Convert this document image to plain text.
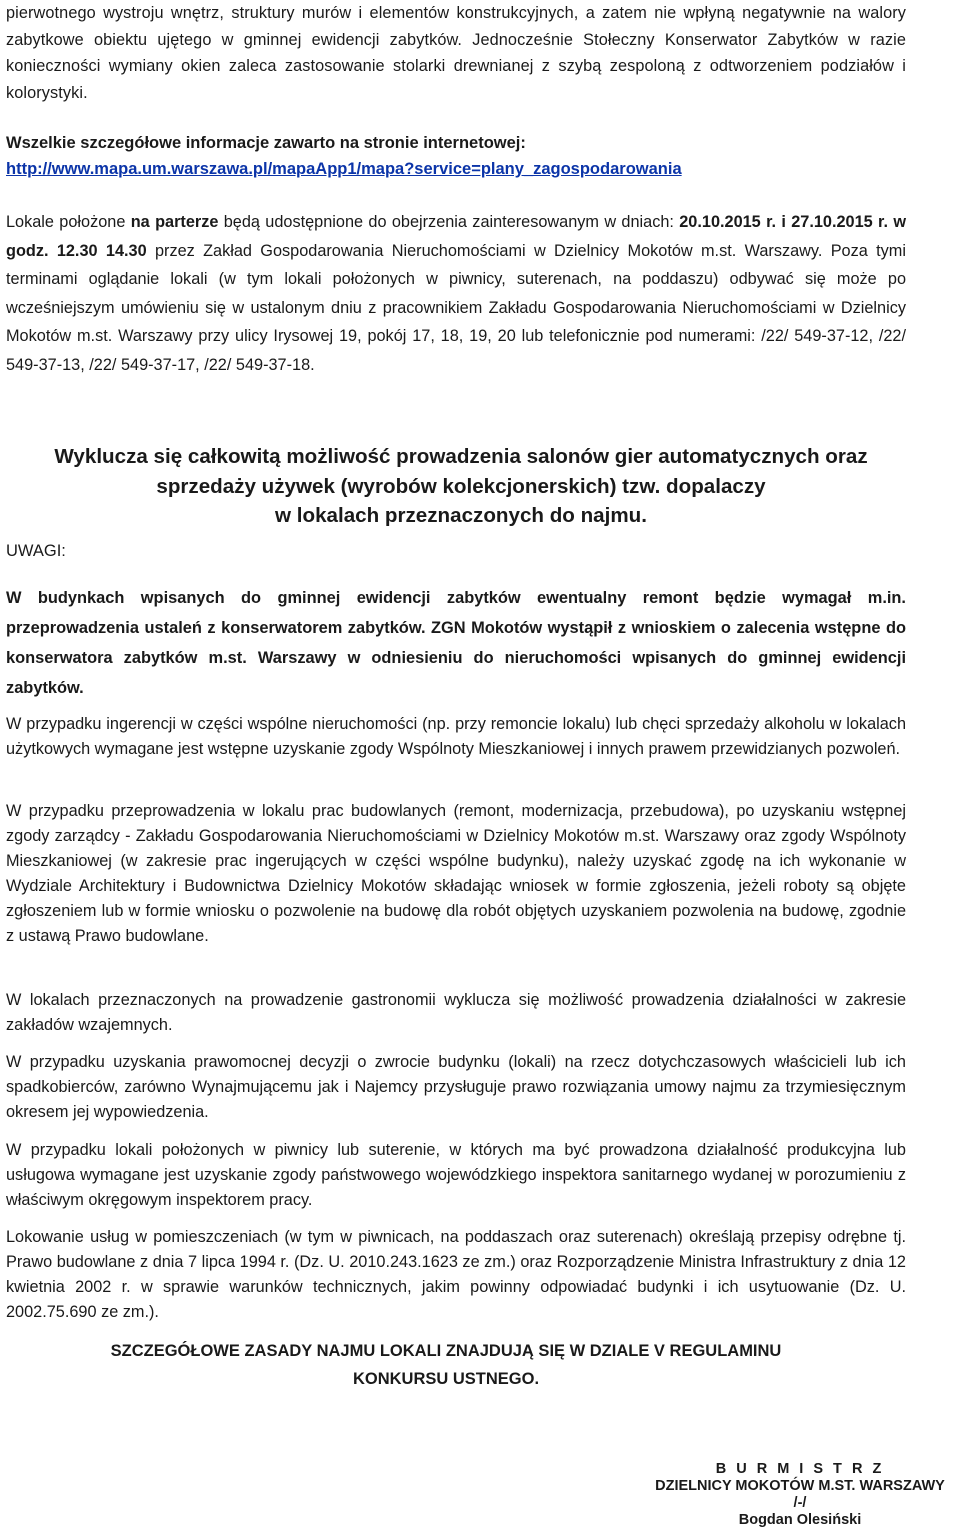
pierwotnego wystroju wnętrz, struktury murów i elementów konstrukcyjnych, a zatem nie wpłyną negatywnie na walory zabytkowe obiektu ujętego w gminnej ewidencji zabytków. Jednocześnie Stołeczny Konserwator Zabytków w razie konieczności wymiany okien zaleca zastosowanie stolarki drewnianej z szybą zespoloną z odtworzeniem podziałów i kolorystyki.

Wszelkie szczegółowe informacje zawarto na stronie internetowej:
http://www.mapa.um.warszawa.pl/mapaApp1/mapa?service=plany_zagospodarowania

Lokale położone na parterze będą udostępnione do obejrzenia zainteresowanym w dniach: 20.10.2015 r. i 27.10.2015 r. w godz. 12.30 14.30 przez Zakład Gospodarowania Nieruchomościami w Dzielnicy Mokotów m.st. Warszawy. Poza tymi terminami oglądanie lokali (w tym lokali położonych w piwnicy, suterenach, na poddaszu) odbywać się może po wcześniejszym umówieniu się w ustalonym dniu z pracownikiem Zakładu Gospodarowania Nieruchomościami w Dzielnicy Mokotów m.st. Warszawy przy ulicy Irysowej 19, pokój 17, 18, 19, 20 lub telefonicznie pod numerami: /22/ 549-37-12, /22/ 549-37-13, /22/ 549-37-17, /22/ 549-37-18.

Wyklucza się całkowitą możliwość prowadzenia salonów gier automatycznych oraz
sprzedaży używek (wyrobów kolekcjonerskich) tzw. dopalaczy
w lokalach przeznaczonych do najmu.
UWAGI:

W budynkach wpisanych do gminnej ewidencji zabytków ewentualny remont będzie wymagał m.in. przeprowadzenia ustaleń z konserwatorem zabytków. ZGN Mokotów wystąpił z wnioskiem o zalecenia wstępne do konserwatora zabytków m.st. Warszawy w odniesieniu do nieruchomości wpisanych do gminnej ewidencji zabytków.

W przypadku ingerencji w części wspólne nieruchomości (np. przy remoncie lokalu) lub chęci sprzedaży alkoholu w lokalach użytkowych wymagane jest wstępne uzyskanie zgody Wspólnoty Mieszkaniowej i innych prawem przewidzianych pozwoleń.

W przypadku przeprowadzenia w lokalu prac budowlanych (remont, modernizacja, przebudowa), po uzyskaniu wstępnej zgody zarządcy - Zakładu Gospodarowania Nieruchomościami w Dzielnicy Mokotów m.st. Warszawy oraz zgody Wspólnoty Mieszkaniowej (w zakresie prac ingerujących w części wspólne budynku), należy uzyskać zgodę na ich wykonanie w Wydziale Architektury i Budownictwa Dzielnicy Mokotów składając wniosek w formie zgłoszenia, jeżeli roboty są objęte zgłoszeniem lub w formie wniosku o pozwolenie na budowę dla robót objętych uzyskaniem pozwolenia na budowę, zgodnie z ustawą Prawo budowlane.

W lokalach przeznaczonych na prowadzenie gastronomii wyklucza się możliwość prowadzenia działalności w zakresie zakładów wzajemnych.

W przypadku uzyskania prawomocnej decyzji o zwrocie budynku (lokali) na rzecz dotychczasowych właścicieli lub ich spadkobierców, zarówno Wynajmującemu jak i Najemcy przysługuje prawo rozwiązania umowy najmu za trzymiesięcznym okresem jej wypowiedzenia.

W przypadku lokali położonych w piwnicy lub suterenie, w których ma być prowadzona działalność produkcyjna lub usługowa wymagane jest uzyskanie zgody państwowego wojewódzkiego inspektora sanitarnego wydanej w porozumieniu z właściwym okręgowym inspektorem pracy.

Lokowanie usług w pomieszczeniach (w tym w piwnicach, na poddaszach oraz suterenach) określają przepisy odrębne tj. Prawo budowlane z dnia 7 lipca 1994 r. (Dz. U. 2010.243.1623 ze zm.) oraz Rozporządzenie Ministra Infrastruktury z dnia 12 kwietnia 2002 r. w sprawie warunków technicznych, jakim powinny odpowiadać budynki i ich usytuowanie (Dz. U. 2002.75.690 ze zm.).

SZCZEGÓŁOWE ZASADY NAJMU LOKALI ZNAJDUJĄ SIĘ W DZIALE V REGULAMINU
KONKURSU USTNEGO.
B U R M I S T R Z
DZIELNICY MOKOTÓW M.ST. WARSZAWY
/-/
Bogdan Olesiński
